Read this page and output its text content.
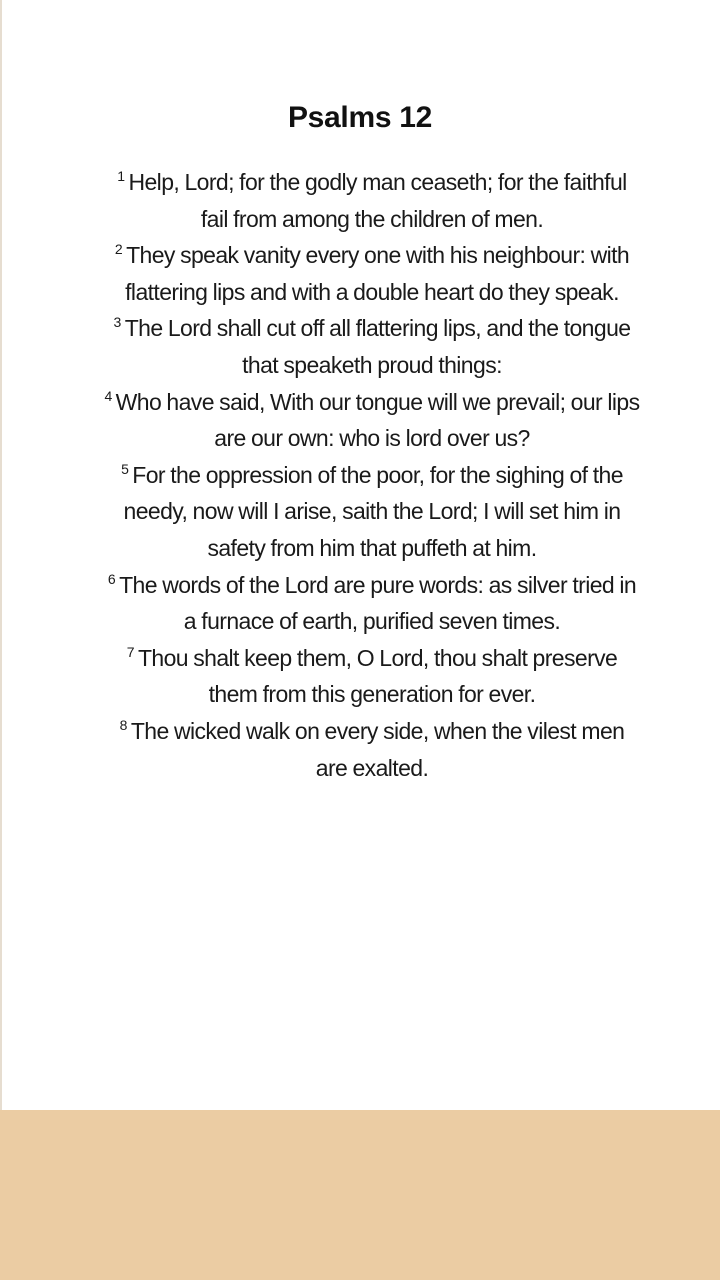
Psalms 12
$^1$ Help, Lord; for the godly man ceaseth; for the faithful fail from among the children of men.
$^2$ They speak vanity every one with his neighbour: with flattering lips and with a double heart do they speak.
$^3$ The Lord shall cut off all flattering lips, and the tongue that speaketh proud things:
$^4$ Who have said, With our tongue will we prevail; our lips are our own: who is lord over us?
$^5$ For the oppression of the poor, for the sighing of the needy, now will I arise, saith the Lord; I will set him in safety from him that puffeth at him.
$^6$ The words of the Lord are pure words: as silver tried in a furnace of earth, purified seven times.
$^7$ Thou shalt keep them, O Lord, thou shalt preserve them from this generation for ever.
$^8$ The wicked walk on every side, when the vilest men are exalted.
